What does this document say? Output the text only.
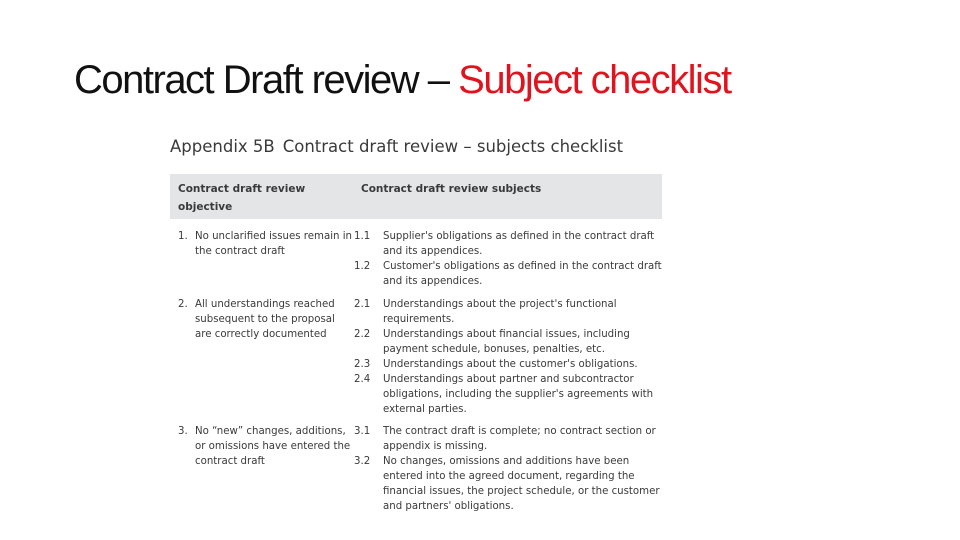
Contract Draft review – Subject checklist
Appendix 5B Contract draft review – subjects checklist
Contract draft review objective
Contract draft review subjects
1. No unclarified issues remain in the contract draft
1.1	Supplier's obligations as defined in the contract draft and its appendices.
1.2	Customer's obligations as defined in the contract draft and its appendices.
2. All understandings reached subsequent to the proposal are correctly documented
2.1	Understandings about the project's functional requirements.
2.2	Understandings about financial issues, including payment schedule, bonuses, penalties, etc.
2.3	Understandings about the customer's obligations.
2.4	Understandings about partner and subcontractor obligations, including the supplier's agreements with external parties.
3. No “new” changes, additions, or omissions have entered the contract draft
3.1	The contract draft is complete; no contract section or appendix is missing.
3.2	No changes, omissions and additions have been entered into the agreed document, regarding the financial issues, the project schedule, or the customer and partners' obligations.
